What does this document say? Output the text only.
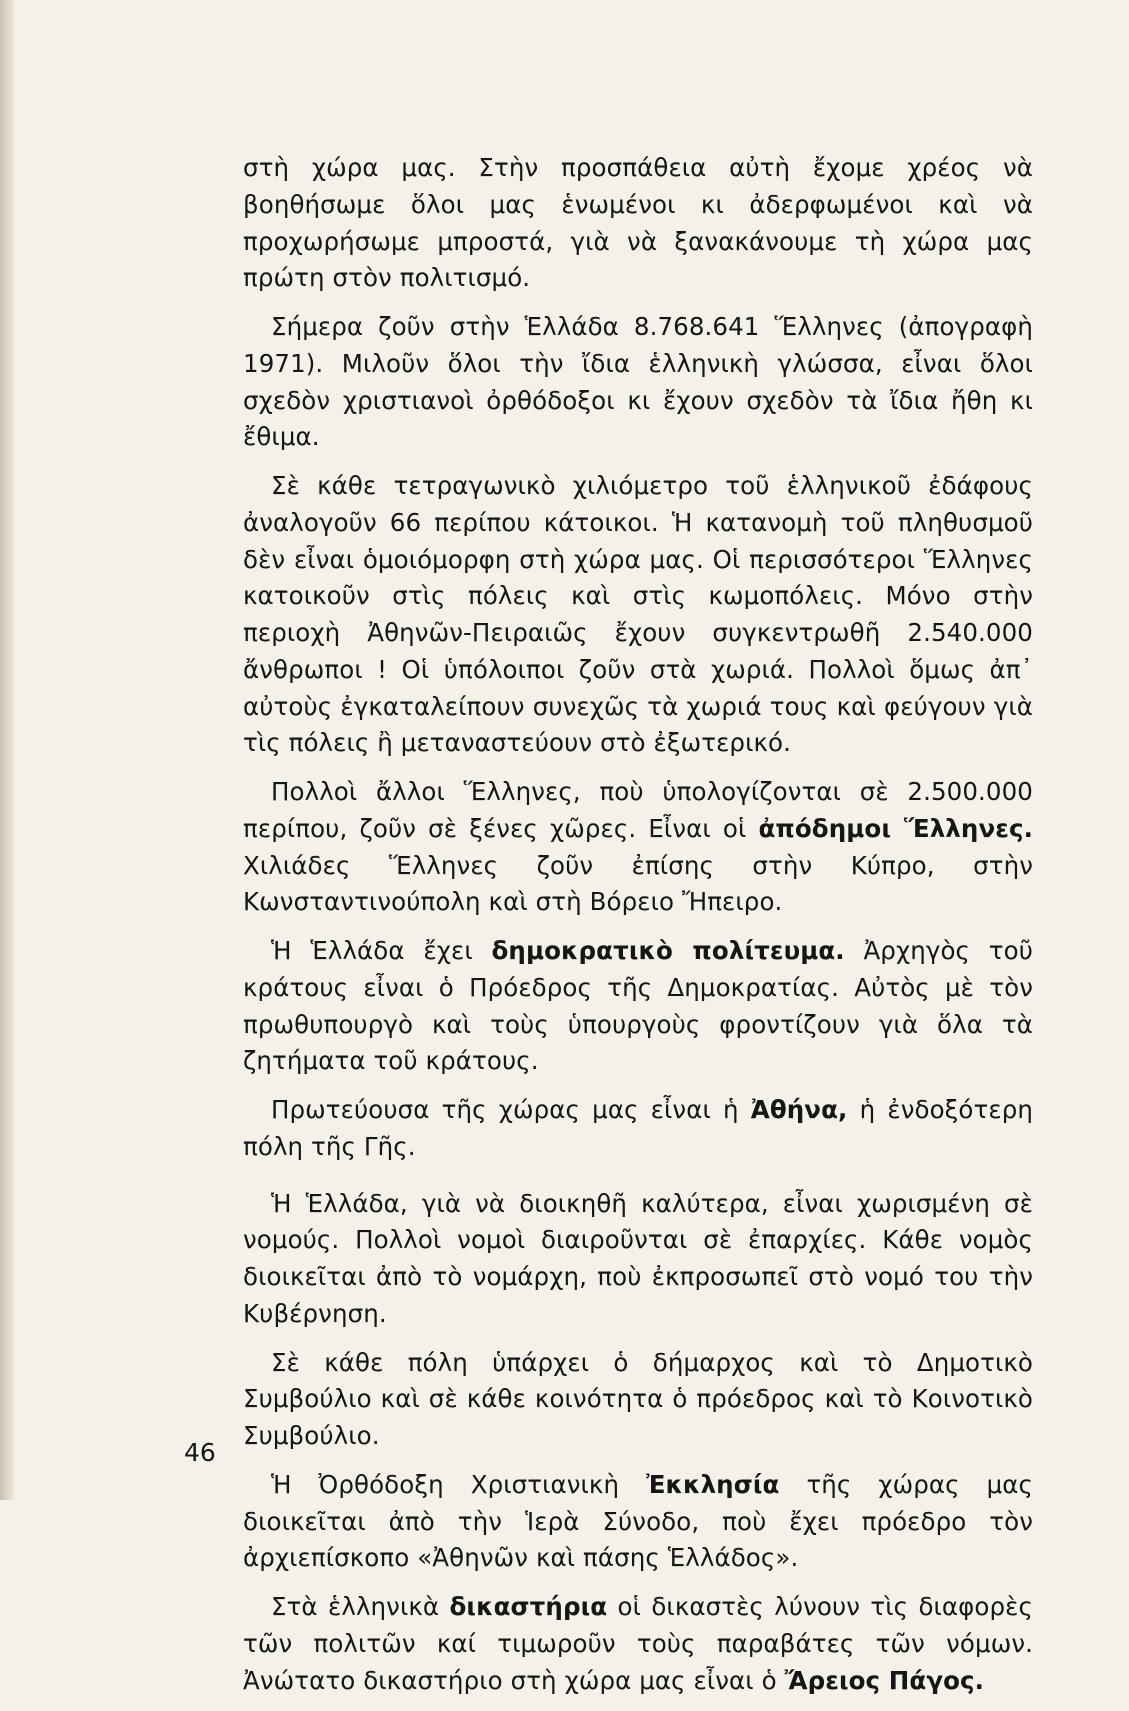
στὴ χώρα μας. Στὴν προσπάθεια αὐτὴ ἔχομε χρέος νὰ βοηθήσωμε ὅλοι μας ἑνωμένοι κι ἀδερφωμένοι καὶ νὰ προχωρήσωμε μπροστά, γιὰ νὰ ξανακάνουμε τὴ χώρα μας πρώτη στὸν πολιτισμό.

Σήμερα ζοῦν στὴν Ἑλλάδα 8.768.641 Ἕλληνες (ἀπογραφὴ 1971). Μιλοῦν ὅλοι τὴν ἴδια ἑλληνικὴ γλώσσα, εἶναι ὅλοι σχεδὸν χριστιανοὶ ὀρθόδοξοι κι ἔχουν σχεδὸν τὰ ἴδια ἤθη κι ἔθιμα.

Σὲ κάθε τετραγωνικὸ χιλιόμετρο τοῦ ἑλληνικοῦ ἐδάφους ἀναλογοῦν 66 περίπου κάτοικοι. Ἡ κατανομὴ τοῦ πληθυσμοῦ δὲν εἶναι ὁμοιόμορφη στὴ χώρα μας. Οἱ περισσότεροι Ἕλληνες κατοικοῦν στὶς πόλεις καὶ στὶς κωμοπόλεις. Μόνο στὴν περιοχὴ Ἀθηνῶν-Πειραιῶς ἔχουν συγκεντρωθῆ 2.540.000 ἄνθρωποι ! Οἱ ὑπόλοιποι ζοῦν στὰ χωριά. Πολλοὶ ὅμως ἀπ᾿ αὐτοὺς ἐγκαταλείπουν συνεχῶς τὰ χωριά τους καὶ φεύγουν γιὰ τὶς πόλεις ἢ μεταναστεύουν στὸ ἐξωτερικό.

Πολλοὶ ἄλλοι Ἕλληνες, ποὺ ὑπολογίζονται σὲ 2.500.000 περίπου, ζοῦν σὲ ξένες χῶρες. Εἶναι οἱ ἀπόδημοι Ἕλληνες. Χιλιάδες Ἕλληνες ζοῦν ἐπίσης στὴν Κύπρο, στὴν Κωνσταντινούπολη καὶ στὴ Βόρειο Ἤπειρο.

Ἡ Ἑλλάδα ἔχει δημοκρατικὸ πολίτευμα. Ἀρχηγὸς τοῦ κράτους εἶναι ὁ Πρόεδρος τῆς Δημοκρατίας. Αὐτὸς μὲ τὸν πρωθυπουργὸ καὶ τοὺς ὑπουργοὺς φροντίζουν γιὰ ὅλα τὰ ζητήματα τοῦ κράτους.

Πρωτεύουσα τῆς χώρας μας εἶναι ἡ Ἀθήνα, ἡ ἐνδοξότερη πόλη τῆς Γῆς.

Ἡ Ἑλλάδα, γιὰ νὰ διοικηθῆ καλύτερα, εἶναι χωρισμένη σὲ νομούς. Πολλοὶ νομοὶ διαιροῦνται σὲ ἐπαρχίες. Κάθε νομὸς διοικεῖται ἀπὸ τὸ νομάρχη, ποὺ ἐκπροσωπεῖ στὸ νομό του τὴν Κυβέρνηση.

Σὲ κάθε πόλη ὑπάρχει ὁ δήμαρχος καὶ τὸ Δημοτικὸ Συμβούλιο καὶ σὲ κάθε κοινότητα ὁ πρόεδρος καὶ τὸ Κοινοτικὸ Συμβούλιο.

Ἡ Ὀρθόδοξη Χριστιανικὴ Ἐκκλησία τῆς χώρας μας διοικεῖται ἀπὸ τὴν Ἱερὰ Σύνοδο, ποὺ ἔχει πρόεδρο τὸν ἀρχιεπίσκοπο «Ἀθηνῶν καὶ πάσης Ἑλλάδος».

Στὰ ἑλληνικὰ δικαστήρια οἱ δικαστὲς λύνουν τὶς διαφορὲς τῶν πολιτῶν καί τιμωροῦν τοὺς παραβάτες τῶν νόμων. Ἀνώτατο δικαστήριο στὴ χώρα μας εἶναι ὁ Ἄρειος Πάγος.

46
